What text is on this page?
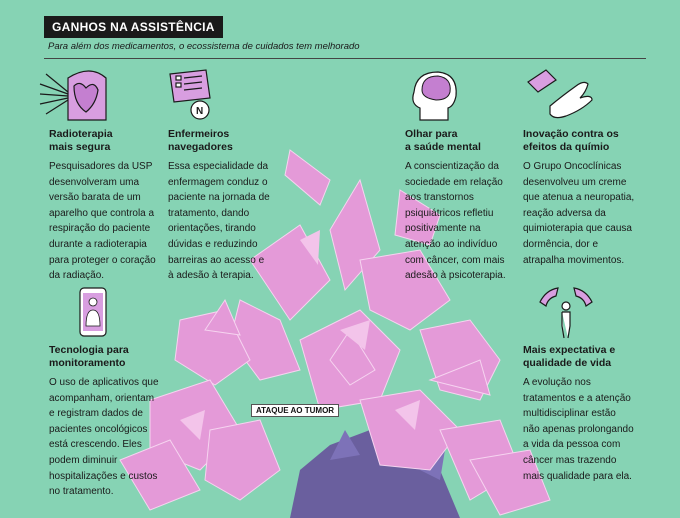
GANHOS NA ASSISTÊNCIA
Para além dos medicamentos, o ecossistema de cuidados tem melhorado
N
Radioterapia
mais segura
Pesquisadores da USP desenvolveram uma versão barata de um aparelho que controla a respiração do paciente durante a radioterapia para proteger o coração da radiação.
Enfermeiros
navegadores
Essa especialidade da enfermagem conduz o paciente na jornada de tratamento, dando orientações, tirando dúvidas e reduzindo barreiras ao acesso e à adesão à terapia.
Olhar para
a saúde mental
A conscientização da sociedade em relação aos transtornos psiquiátricos refletiu positivamente na atenção ao indivíduo com câncer, com mais adesão à psicoterapia.
Inovação contra os
efeitos da químio
O Grupo Oncoclínicas desenvolveu um creme que atenua a neuropatia, reação adversa da quimioterapia que causa dormência, dor e atrapalha movimentos.
Tecnologia para
monitoramento
O uso de aplicativos que acompanham, orientam e registram dados de pacientes oncológicos está crescendo. Eles podem diminuir hospitalizações e custos no tratamento.
Mais expectativa e
qualidade de vida
A evolução nos tratamentos e a atenção multidisciplinar estão não apenas prolongando a vida da pessoa com câncer mas trazendo mais qualidade para ela.
ATAQUE AO TUMOR
